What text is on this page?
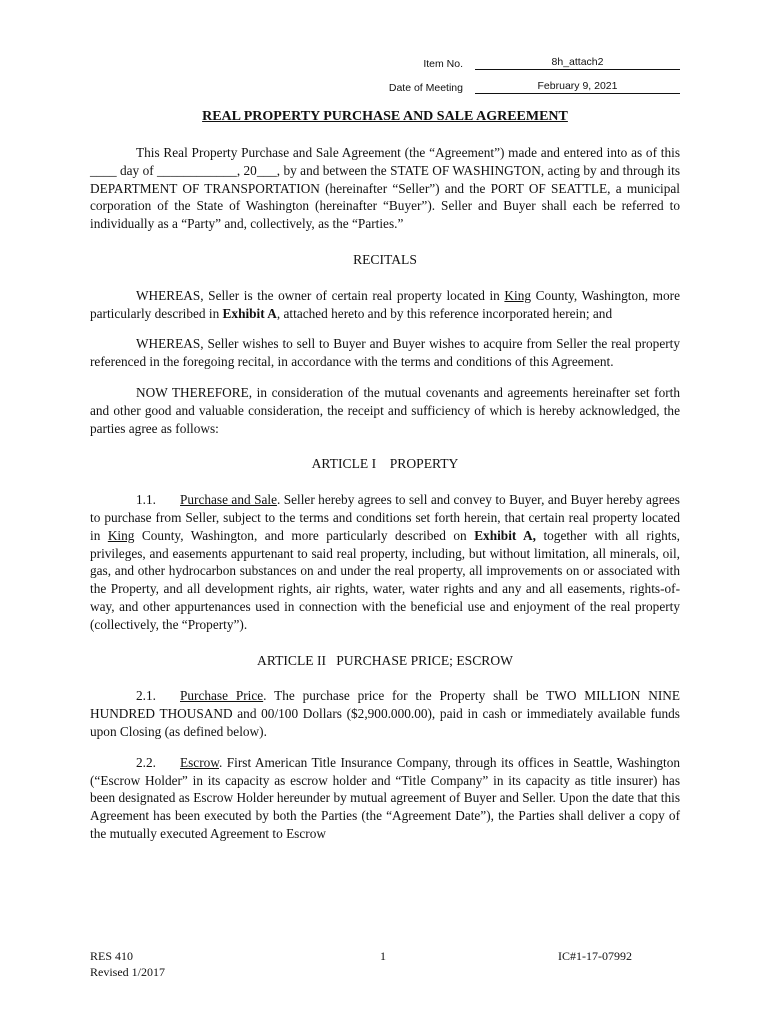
Item No.	8h_attach2
Date of Meeting	February 9, 2021
REAL PROPERTY PURCHASE AND SALE AGREEMENT

This Real Property Purchase and Sale Agreement (the “Agreement”) made and entered into as of this ____ day of ____________, 20___, by and between the STATE OF WASHINGTON, acting by and through its DEPARTMENT OF TRANSPORTATION (hereinafter “Seller”) and the PORT OF SEATTLE, a municipal corporation of the State of Washington (hereinafter “Buyer”). Seller and Buyer shall each be referred to individually as a “Party” and, collectively, as the “Parties.”

RECITALS

WHEREAS, Seller is the owner of certain real property located in King County, Washington, more particularly described in Exhibit A, attached hereto and by this reference incorporated herein; and

WHEREAS, Seller wishes to sell to Buyer and Buyer wishes to acquire from Seller the real property referenced in the foregoing recital, in accordance with the terms and conditions of this Agreement.

NOW THEREFORE, in consideration of the mutual covenants and agreements hereinafter set forth and other good and valuable consideration, the receipt and sufficiency of which is hereby acknowledged, the parties agree as follows:

ARTICLE I    PROPERTY

1.1. Purchase and Sale. Seller hereby agrees to sell and convey to Buyer, and Buyer hereby agrees to purchase from Seller, subject to the terms and conditions set forth herein, that certain real property located in King County, Washington, and more particularly described on Exhibit A, together with all rights, privileges, and easements appurtenant to said real property, including, but without limitation, all minerals, oil, gas, and other hydrocarbon substances on and under the real property, all improvements on or associated with the Property, and all development rights, air rights, water, water rights and any and all easements, rights-of-way, and other appurtenances used in connection with the beneficial use and enjoyment of the real property (collectively, the “Property”).

ARTICLE II   PURCHASE PRICE; ESCROW

2.1. Purchase Price. The purchase price for the Property shall be TWO MILLION NINE HUNDRED THOUSAND and 00/100 Dollars ($2,900.000.00), paid in cash or immediately available funds upon Closing (as defined below).

2.2. Escrow. First American Title Insurance Company, through its offices in Seattle, Washington (“Escrow Holder” in its capacity as escrow holder and “Title Company” in its capacity as title insurer) has been designated as Escrow Holder hereunder by mutual agreement of Buyer and Seller. Upon the date that this Agreement has been executed by both the Parties (the “Agreement Date”), the Parties shall deliver a copy of the mutually executed Agreement to Escrow

RES 410
Revised 1/2017
1	IC#1-17-07992
